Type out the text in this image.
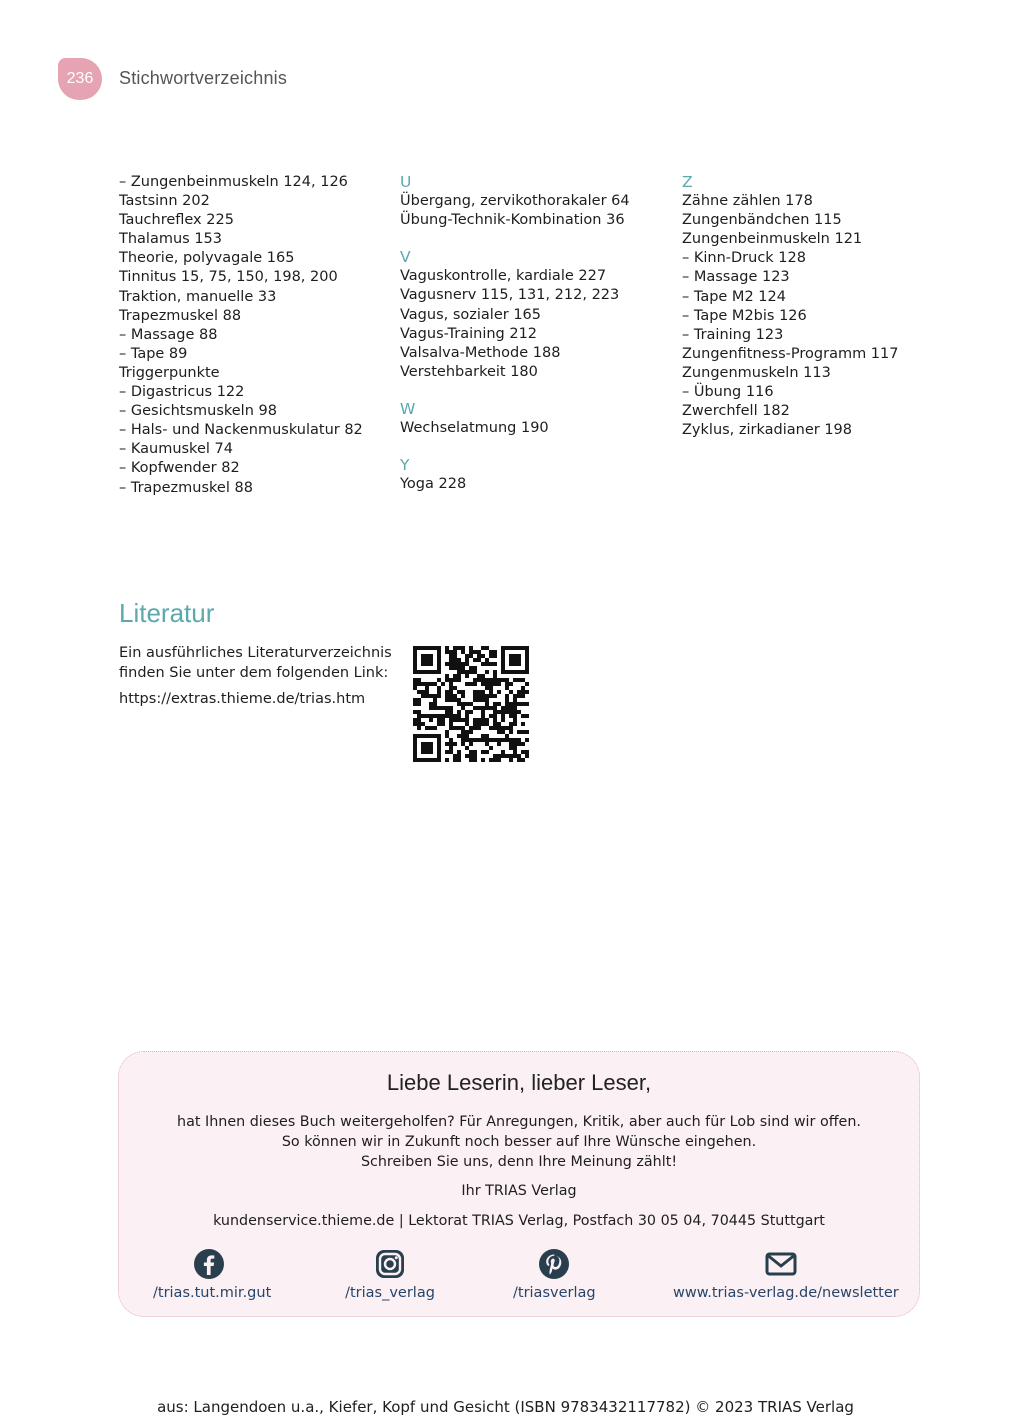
236	Stichwortverzeichnis
– Zungenbeinmuskeln 124, 126
Tastsinn 202
Tauchreflex 225
Thalamus 153
Theorie, polyvagale 165
Tinnitus 15, 75, 150, 198, 200
Traktion, manuelle 33
Trapezmuskel 88
– Massage 88
– Tape 89
Triggerpunkte
– Digastricus 122
– Gesichtsmuskeln 98
– Hals- und Nackenmuskulatur 82
– Kaumuskel 74
– Kopfwender 82
– Trapezmuskel 88
U
Übergang, zervikothorakaler 64
Übung-Technik-Kombination 36
V
Vaguskontrolle, kardiale 227
Vagusnerv 115, 131, 212, 223
Vagus, sozialer 165
Vagus-Training 212
Valsalva-Methode 188
Verstehbarkeit 180
W
Wechselatmung 190
Y
Yoga 228
Z
Zähne zählen 178
Zungenbändchen 115
Zungenbeinmuskeln 121
– Kinn-Druck 128
– Massage 123
– Tape M2 124
– Tape M2bis 126
– Training 123
Zungenfitness-Programm 117
Zungenmuskeln 113
– Übung 116
Zwerchfell 182
Zyklus, zirkadianer 198
Literatur
Ein ausführliches Literaturverzeichnis finden Sie unter dem folgenden Link:
https://extras.thieme.de/trias.htm
Liebe Leserin, lieber Leser,
hat Ihnen dieses Buch weitergeholfen? Für Anregungen, Kritik, aber auch für Lob sind wir offen.
So können wir in Zukunft noch besser auf Ihre Wünsche eingehen.
Schreiben Sie uns, denn Ihre Meinung zählt!
Ihr TRIAS Verlag
kundenservice.thieme.de | Lektorat TRIAS Verlag, Postfach 30 05 04, 70445 Stuttgart
/trias.tut.mir.gut	/trias_verlag	/triasverlag	www.trias-verlag.de/newsletter
aus: Langendoen u.a., Kiefer, Kopf und Gesicht (ISBN 9783432117782) © 2023 TRIAS Verlag
